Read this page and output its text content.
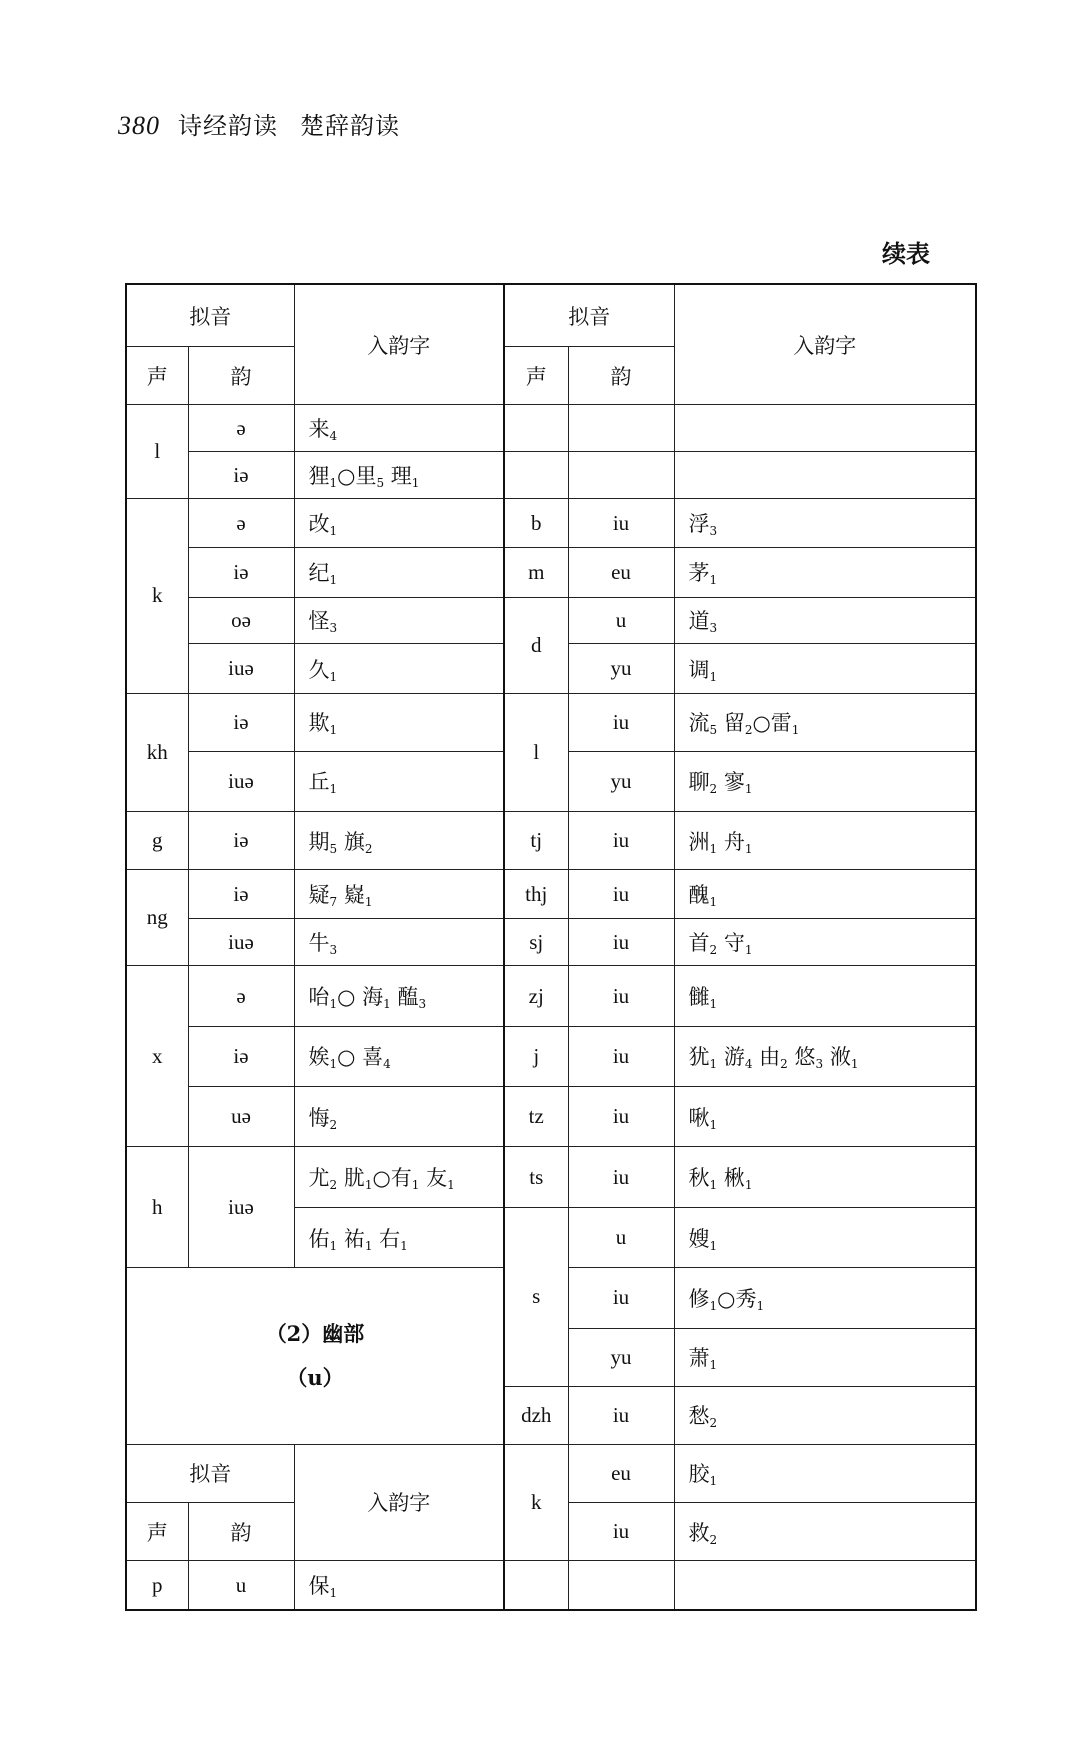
380 诗经韵读 楚辞韵读
续表
拟音		入韵字	拟音		入韵字
声	韵		声	韵	
l	ə	来$_4$			
	iə	狸$_1$○里$_5$ 理$_1$			
k	ə	改$_1$	b	iu	浮$_3$
	iə	纪$_1$	m	eu	茅$_1$
	oə	怪$_3$	d	u	道$_3$
	iuə	久$_1$		yu	调$_1$
kh	iə	欺$_1$	l	iu	流$_5$ 留$_2$○雷$_1$
	iuə	丘$_1$		yu	聊$_2$ 寥$_1$
g	iə	期$_5$ 旗$_2$	tj	iu	洲$_1$ 舟$_1$
ng	iə	疑$_7$ 嶷$_1$	thj	iu	醜$_1$
	iuə	牛$_3$	sj	iu	首$_2$ 守$_1$
x	ə	咍$_1$○ 海$_1$ 醢$_3$	zj	iu	雠$_1$
	iə	娭$_1$○ 喜$_4$	j	iu	犹$_1$ 游$_4$ 由$_2$ 悠$_3$ 浟$_1$
	uə	悔$_2$	tz	iu	啾$_1$
h	iuə	尤$_2$ 肬$_1$○有$_1$ 友$_1$	ts	iu	秋$_1$ 楸$_1$
		佑$_1$ 祐$_1$ 右$_1$	s	u	嫂$_1$

（2）幽部
（u）				iu	修$_1$○秀$_1$
				yu	萧$_1$
			dzh	iu	愁$_2$
拟音		入韵字	k	eu	胶$_1$
声	韵			iu	救$_2$
p	u	保$_1$			
